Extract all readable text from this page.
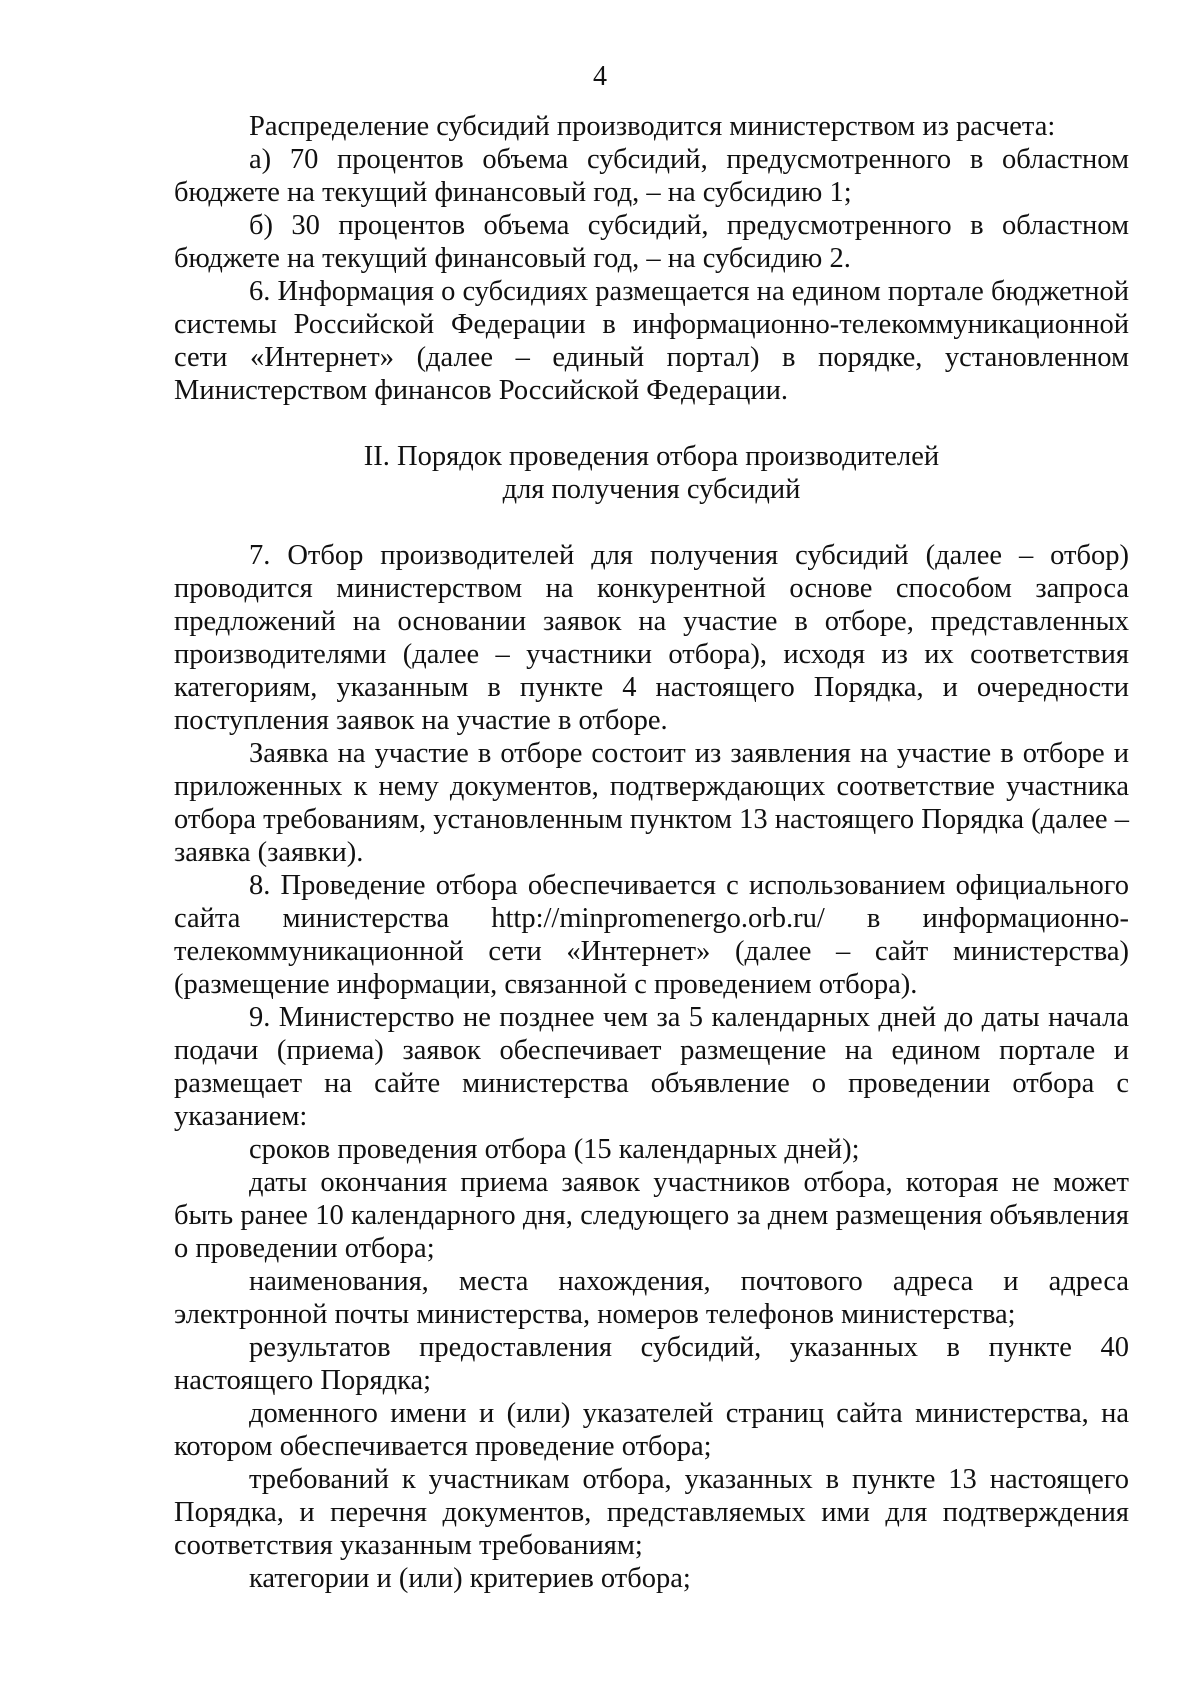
4

Распределение субсидий производится министерством из расчета:

а) 70 процентов объема субсидий, предусмотренного в областном бюджете на текущий финансовый год, – на субсидию 1;

б) 30 процентов объема субсидий, предусмотренного в областном бюджете на текущий финансовый год, – на субсидию 2.

6. Информация о субсидиях размещается на едином портале бюджетной системы Российской Федерации в информационно-телекоммуникационной сети «Интернет» (далее – единый портал) в порядке, установленном Министерством финансов Российской Федерации.

II. Порядок проведения отбора производителей
для получения субсидий

7. Отбор производителей для получения субсидий (далее – отбор) проводится министерством на конкурентной основе способом запроса предложений на основании заявок на участие в отборе, представленных производителями (далее – участники отбора), исходя из их соответствия категориям, указанным в пункте 4 настоящего Порядка, и очередности поступления заявок на участие в отборе.

Заявка на участие в отборе состоит из заявления на участие в отборе и приложенных к нему документов, подтверждающих соответствие участника отбора требованиям, установленным пунктом 13 настоящего Порядка (далее – заявка (заявки).

8. Проведение отбора обеспечивается с использованием официального сайта министерства http://minpromenergo.orb.ru/ в информационно-телекоммуникационной сети «Интернет» (далее – сайт министерства) (размещение информации, связанной с проведением отбора).

9. Министерство не позднее чем за 5 календарных дней до даты начала подачи (приема) заявок обеспечивает размещение на едином портале и размещает на сайте министерства объявление о проведении отбора с указанием:

сроков проведения отбора (15 календарных дней);

даты окончания приема заявок участников отбора, которая не может быть ранее 10 календарного дня, следующего за днем размещения объявления о проведении отбора;

наименования, места нахождения, почтового адреса и адреса электронной почты министерства, номеров телефонов министерства;

результатов предоставления субсидий, указанных в пункте 40 настоящего Порядка;

доменного имени и (или) указателей страниц сайта министерства, на котором обеспечивается проведение отбора;

требований к участникам отбора, указанных в пункте 13 настоящего Порядка, и перечня документов, представляемых ими для подтверждения соответствия указанным требованиям;

категории и (или) критериев отбора;
